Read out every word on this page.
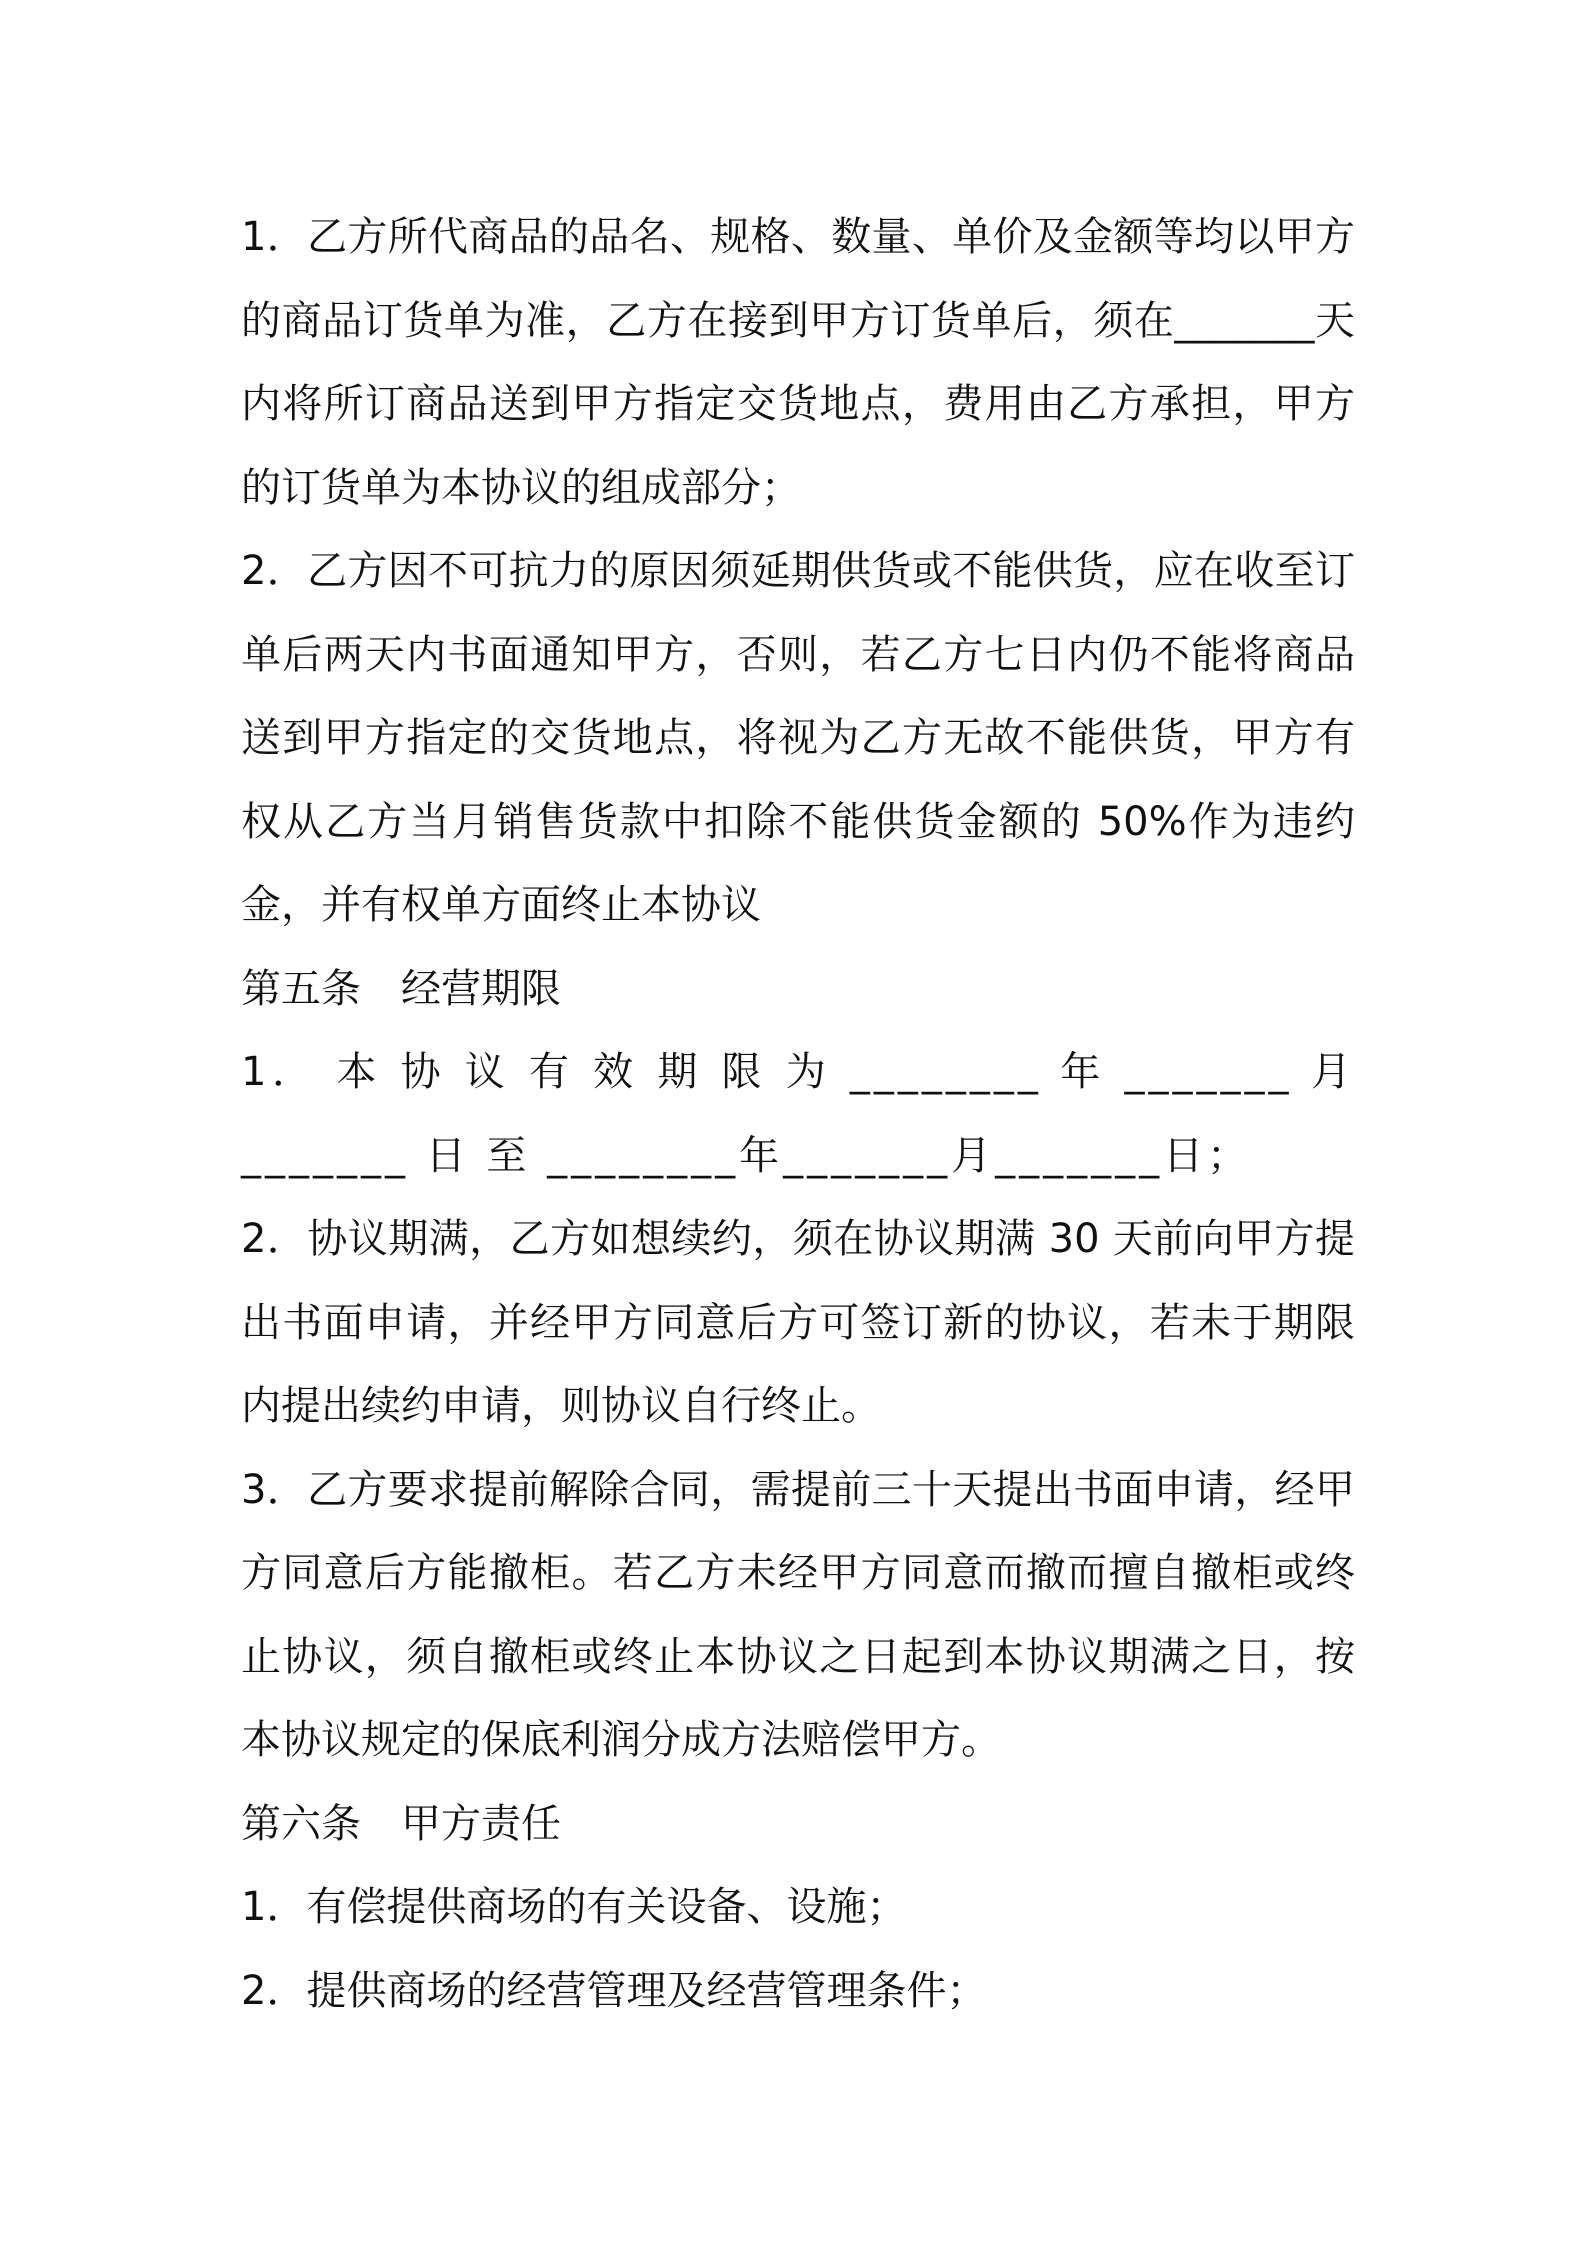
1．乙方所代商品的品名、规格、数量、单价及金额等均以甲方的商品订货单为准，乙方在接到甲方订货单后，须在_______天内将所订商品送到甲方指定交货地点，费用由乙方承担，甲方的订货单为本协议的组成部分；

2．乙方因不可抗力的原因须延期供货或不能供货，应在收至订单后两天内书面通知甲方，否则，若乙方七日内仍不能将商品送到甲方指定的交货地点，将视为乙方无故不能供货，甲方有权从乙方当月销售货款中扣除不能供货金额的 50%作为违约金，并有权单方面终止本协议

第五条　经营期限

1． 本 协 议 有 效 期 限 为 ________ 年 _______ 月 _______ 日 至 ________年_______月_______日；

2．协议期满，乙方如想续约，须在协议期满 30 天前向甲方提出书面申请，并经甲方同意后方可签订新的协议，若未于期限内提出续约申请，则协议自行终止。

3．乙方要求提前解除合同，需提前三十天提出书面申请，经甲方同意后方能撤柜。若乙方未经甲方同意而撤而擅自撤柜或终止协议，须自撤柜或终止本协议之日起到本协议期满之日，按本协议规定的保底利润分成方法赔偿甲方。

第六条　甲方责任

1．有偿提供商场的有关设备、设施；

2．提供商场的经营管理及经营管理条件；
